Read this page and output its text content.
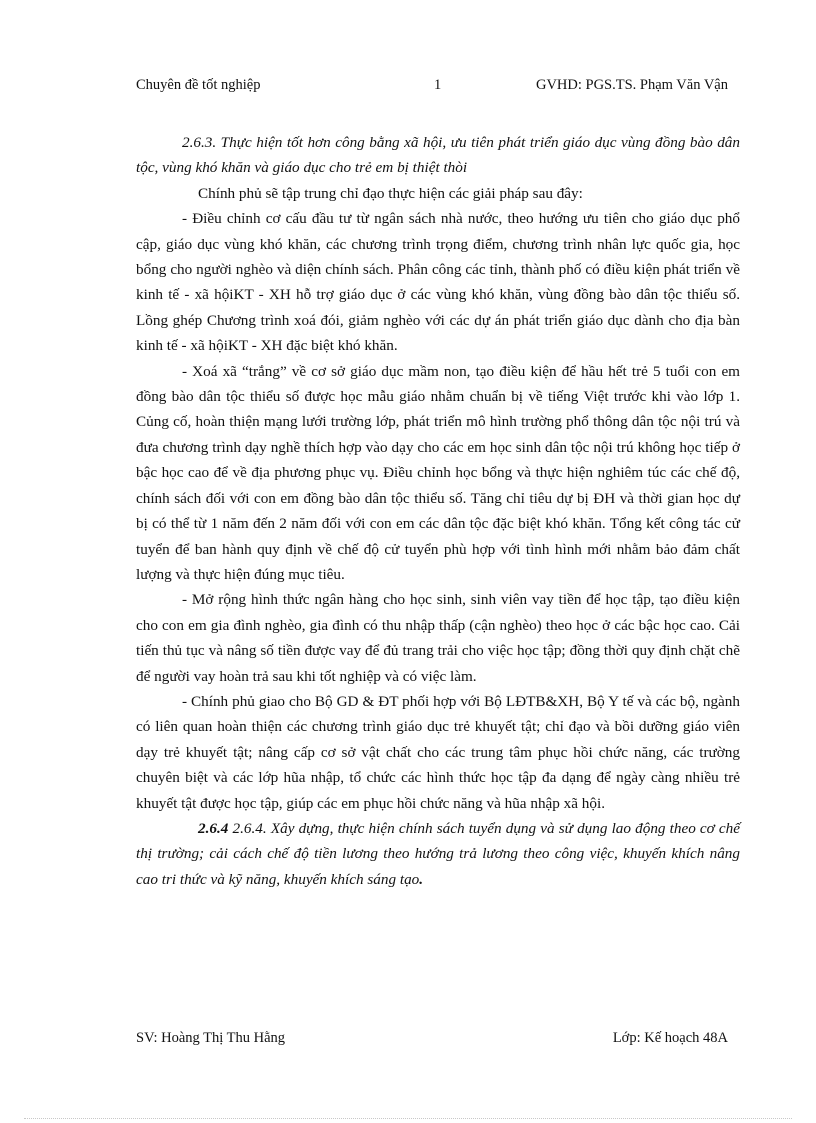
Chuyên đề tốt nghiệp	1	GVHD: PGS.TS. Phạm Văn Vận

2.6.3. Thực hiện tốt hơn công bằng xã hội, ưu tiên phát triển giáo dục vùng đồng bào dân tộc, vùng khó khăn và giáo dục cho trẻ em bị thiệt thòi

Chính phủ sẽ tập trung chỉ đạo thực hiện các giải pháp sau đây:

- Điều chỉnh cơ cấu đầu tư từ ngân sách nhà nước, theo hướng ưu tiên cho giáo dục phổ cập, giáo dục vùng khó khăn, các chương trình trọng điểm, chương trình nhân lực quốc gia, học bổng cho người nghèo và diện chính sách. Phân công các tỉnh, thành phố có điều kiện phát triển về kinh tế - xã hộiKT - XH hỗ trợ giáo dục ở các vùng khó khăn, vùng đồng bào dân tộc thiểu số. Lồng ghép Chương trình xoá đói, giảm nghèo với các dự án phát triển giáo dục dành cho địa bàn kinh tế - xã hộiKT - XH đặc biệt khó khăn.

- Xoá xã “trắng” về cơ sở giáo dục mầm non, tạo điều kiện để hầu hết trẻ 5 tuổi con em đồng bào dân tộc thiểu số được học mẫu giáo nhằm chuẩn bị về tiếng Việt trước khi vào lớp 1. Củng cố, hoàn thiện mạng lưới trường lớp, phát triển mô hình trường phổ thông dân tộc nội trú và đưa chương trình dạy nghề thích hợp vào dạy cho các em học sinh dân tộc nội trú không học tiếp ở bậc học cao để về địa phương phục vụ. Điều chỉnh học bổng và thực hiện nghiêm túc các chế độ, chính sách đối với con em đồng bào dân tộc thiểu số. Tăng chỉ tiêu dự bị ĐH và thời gian học dự bị có thể từ 1 năm đến 2 năm đối với con em các dân tộc đặc biệt khó khăn. Tổng kết công tác cử tuyển để ban hành quy định về chế độ cử tuyển phù hợp với tình hình mới nhằm bảo đảm chất lượng và thực hiện đúng mục tiêu.

- Mở rộng hình thức ngân hàng cho học sinh, sinh viên vay tiền để học tập, tạo điều kiện cho con em gia đình nghèo, gia đình có thu nhập thấp (cận nghèo) theo học ở các bậc học cao. Cải tiến thủ tục và nâng số tiền được vay để đủ trang trải cho việc học tập; đồng thời quy định chặt chẽ để người vay hoàn trả sau khi tốt nghiệp và có việc làm.

- Chính phủ giao cho Bộ GD & ĐT phối hợp với Bộ LĐTB&XH, Bộ Y tế và các bộ, ngành có liên quan hoàn thiện các chương trình giáo dục trẻ khuyết tật; chỉ đạo và bồi dưỡng giáo viên dạy trẻ khuyết tật; nâng cấp cơ sở vật chất cho các trung tâm phục hồi chức năng, các trường chuyên biệt và các lớp hũa nhập, tổ chức các hình thức học tập đa dạng để ngày càng nhiều trẻ khuyết tật được học tập, giúp các em phục hồi chức năng và hũa nhập xã hội.

2.6.4 2.6.4. Xây dựng, thực hiện chính sách tuyển dụng và sử dụng lao động theo cơ chế thị trường; cải cách chế độ tiền lương theo hướng trả lương theo công việc, khuyến khích nâng cao tri thức và kỹ năng, khuyến khích sáng tạo.

SV: Hoàng Thị Thu Hằng	Lớp: Kế hoạch 48A
